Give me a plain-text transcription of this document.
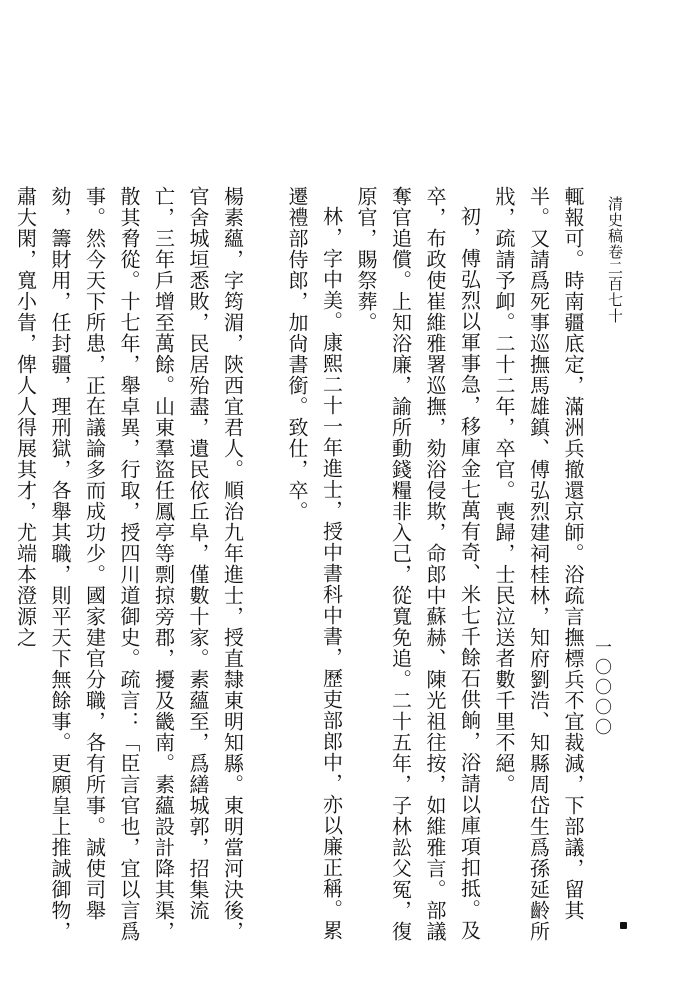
清史稿卷二百七十
一〇〇〇〇

輒報可。時南疆底定，滿洲兵撤還京師。浴疏言撫標兵不宜裁減，下部議，留其半。又請爲死事巡撫馬雄鎮、傅弘烈建祠桂林，知府劉浩、知縣周岱生爲孫延齡所戕，疏請予卹。二十二年，卒官。喪歸，士民泣送者數千里不絕。

初，傅弘烈以軍事急，移庫金七萬有奇、米七千餘石供餉，浴請以庫項扣抵。及卒，布政使崔維雅署巡撫，劾浴侵欺，命郎中蘇赫、陳光祖往按，如維雅言。部議奪官追償。上知浴廉，諭所動錢糧非入己，從寬免追。二十五年，子林訟父冤，復原官，賜祭葬。

林，字中美。康熙二十一年進士，授中書科中書，歷吏部郎中，亦以廉正稱。累遷禮部侍郎，加尙書銜。致仕，卒。

楊素蘊，字筠湄，陝西宜君人。順治九年進士，授直隸東明知縣。東明當河決後，官舍城垣悉敗，民居殆盡，遺民依丘阜，僅數十家。素蘊至，爲繕城郭，招集流亡，三年戶增至萬餘。山東羣盜任鳳亭等剽掠旁郡，擾及畿南。素蘊設計降其渠，散其脅從。十七年，舉卓異，行取，授四川道御史。疏言：「臣言官也，宜以言爲事。然今天下所患，正在議論多而成功少。國家建官分職，各有所事。誠使司舉劾，籌財用，任封疆，理刑獄，各舉其職，則平天下無餘事。更願皇上推誠御物，肅大閑，寬小眚，俾人人得展其才，尤端本澄源之
